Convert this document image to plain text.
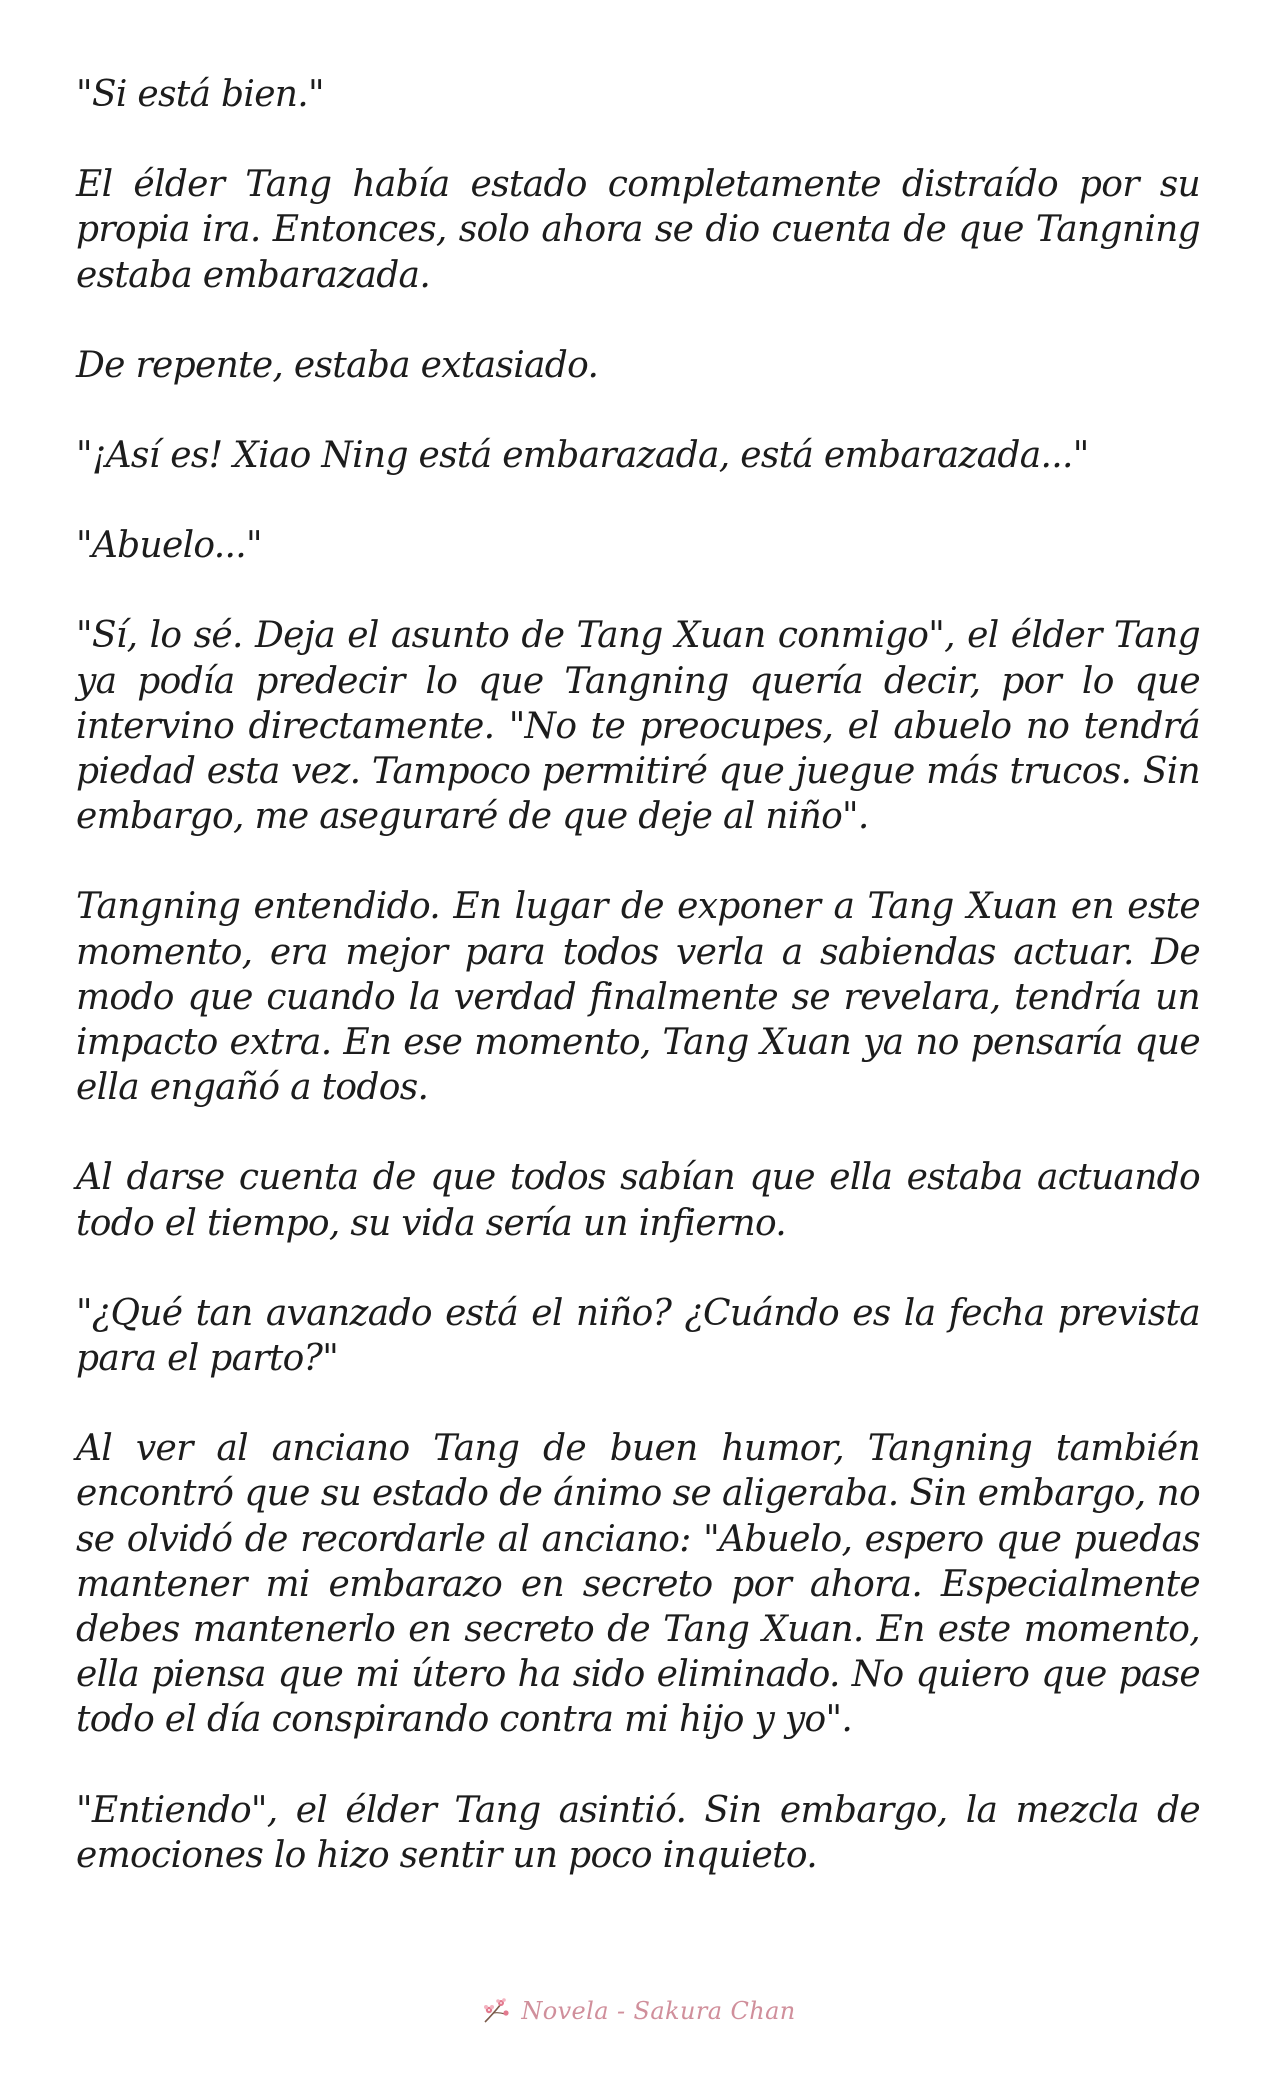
"Si está bien."

El élder Tang había estado completamente distraído por su propia ira. Entonces, solo ahora se dio cuenta de que Tangning estaba embarazada.

De repente, estaba extasiado.

"¡Así es! Xiao Ning está embarazada, está embarazada..."

"Abuelo..."

"Sí, lo sé. Deja el asunto de Tang Xuan conmigo", el élder Tang ya podía predecir lo que Tangning quería decir, por lo que intervino directamente. "No te preocupes, el abuelo no tendrá piedad esta vez. Tampoco permitiré que juegue más trucos. Sin embargo, me aseguraré de que deje al niño".

Tangning entendido. En lugar de exponer a Tang Xuan en este momento, era mejor para todos verla a sabiendas actuar. De modo que cuando la verdad finalmente se revelara, tendría un impacto extra. En ese momento, Tang Xuan ya no pensaría que ella engañó a todos.

Al darse cuenta de que todos sabían que ella estaba actuando todo el tiempo, su vida sería un infierno.

"¿Qué tan avanzado está el niño? ¿Cuándo es la fecha prevista para el parto?"

Al ver al anciano Tang de buen humor, Tangning también encontró que su estado de ánimo se aligeraba. Sin embargo, no se olvidó de recordarle al anciano: "Abuelo, espero que puedas mantener mi embarazo en secreto por ahora. Especialmente debes mantenerlo en secreto de Tang Xuan. En este momento, ella piensa que mi útero ha sido eliminado. No quiero que pase todo el día conspirando contra mi hijo y yo".

"Entiendo", el élder Tang asintió. Sin embargo, la mezcla de emociones lo hizo sentir un poco inquieto.

Novela - Sakura Chan
